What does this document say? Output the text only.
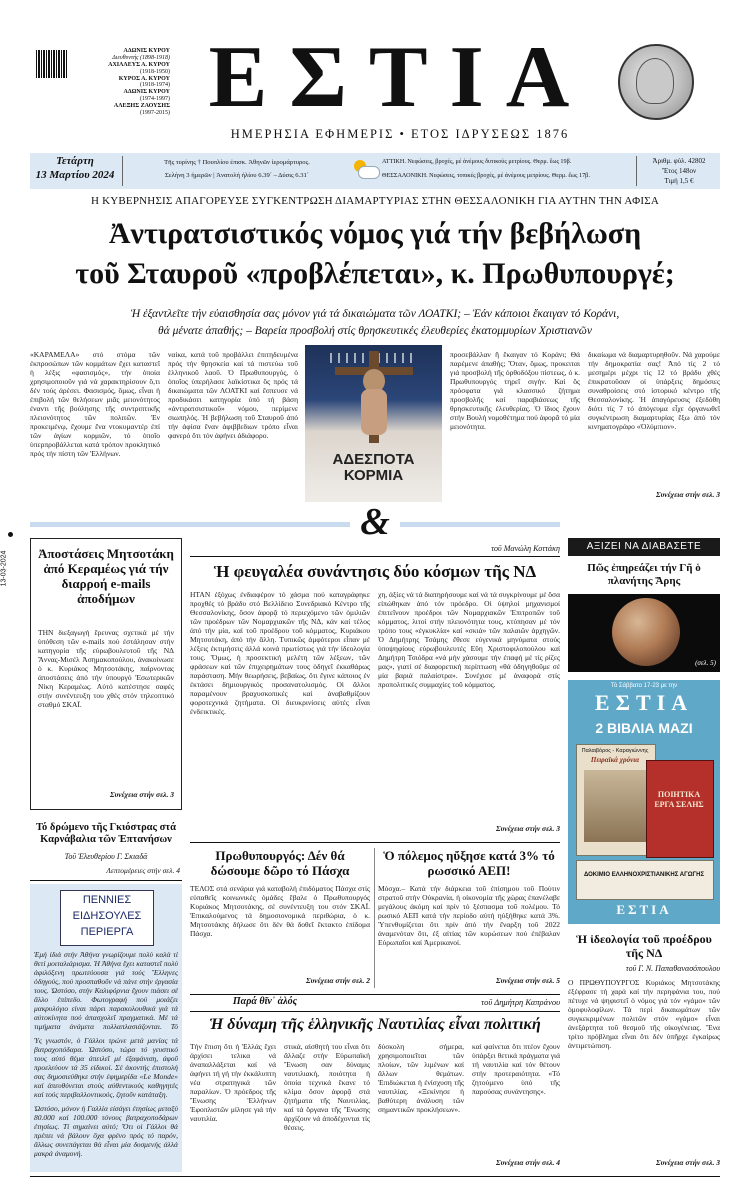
ΑΔΩΝΙΣ ΚΥΡΟΥ
Διευθυντής (1898-1918)
ΑΧΙΛΛΕΥΣ Α. ΚΥΡΟΥ
(1918-1950)
ΚΥΡΟΣ Α. ΚΥΡΟΥ
(1918-1974)
ΑΔΩΝΙΣ ΚΥΡΟΥ
(1974-1997)
ΑΛΕΞΗΣ ΖΑΟΥΣΗΣ
(1997-2015) ΕΣΤΙΑ
ΗΜΕΡΗΣΙΑ ΕΦΗΜΕΡΙΣ • ΕΤΟΣ ΙΔΡΥΣΕΩΣ 1876
Τετάρτη
13 Μαρτίου 2024
Τῆς τυρίνης † Πουπλίου ἐπισκ. Ἀθηνῶν ἱερομάρτυρος.
Σελήνη 3 ἡμερῶν | Ἀνατολή ἡλίου 6.39΄ – Δύσις 6.31΄
ΑΤΤΙΚΗ. Νεφώσεις, βροχές, μέ ἀνέμους δυτικούς μετρίους. Θερμ. ἕως 19β.
ΘΕΣΣΑΛΟΝΙΚΗ. Νεφώσεις, τοπικές βροχές, μέ ἀνέμους μετρίους. Θερμ. ἕως 17β.
Ἀριθμ. φύλ. 42802
Ἔτος 148ον
Τιμή 1,5 €
Η ΚΥΒΕΡΝΗΣΙΣ ΑΠΑΓΟΡΕΥΣΕ ΣΥΓΚΕΝΤΡΩΣΗ ΔΙΑΜΑΡΤΥΡΙΑΣ ΣΤΗΝ ΘΕΣΣΑΛΟΝΙΚΗ ΓΙΑ ΑΥΤΗΝ ΤΗΝ ΑΦΙΣΑ
Ἀντιρατσιστικός νόμος γιά τήν βεβήλωση
τοῦ Σταυροῦ «προβλέπεται», κ. Πρωθυπουργέ;
Ἡ ἐξαντλεῖτε τήν εὐαισθησία σας μόνον γιά τά δικαιώματα τῶν ΛΟΑΤΚΙ; – Ἐάν κάποιοι ἔκαιγαν τό Κοράνι,
θά μένατε ἀπαθής; – Βαρεία προσβολή στίς θρησκευτικές ἐλευθερίες ἑκατομμυρίων Χριστιανῶν

«ΚΑΡΑΜΕΛΑ» στό στόμα τῶν ἐκπροσώπων τῶν κομμάτων ἔχει καταστεῖ ἡ λέξις «φασισμός», τήν ὁποία χρησιμοποιοῦν γιά νά χαρακτηρίσουν ὅ,τι δέν τούς ἀρέσει. Φασισμός, ὅμως, εἶναι ἡ ἐπιβολή τῶν θελήσεων μιᾶς μειονότητος ἐναντι τῆς βούλησης τῆς συντριπτικῆς πλειονότητος τῶν πολιτῶν. Ἐν προκειμένῳ, ἔχουμε ἕνα ντοκυμαντέρ ἐπί τῶν ἁγίων κορμιῶν, τό ὁποῖο ὑπερπροβάλλεται κατά τρόπον προκλητικό πρός τήν πίστη τῶν Ἑλλήνων.

ναίκα, κατά τοῦ προβάλλει ἐπιτηδευμένα πρός τήν θρησκεία καί τά πιστεύω τοῦ ἑλληνικοῦ λαοῦ. Ὁ Πρωθυπουργός, ὁ ὁποῖος ὑπερήλασε λαϊκίστικα ὅς πρός τά δικαιώματα τῶν ΛΟΑΤΚΙ καί ἔσπευσε νά προδικάσει κατηγορία ὑπό τή βάση «ἀντιρατσιστικοῦ» νόμου, περίμενε σιωπηλός. Ἡ βεβήλωση τοῦ Σταυροῦ ἀπό τήν ἀφίσα ἔναν ἀφιββεδιων τρόπο εἶναι φανερό ὅτι τόν ἀφήνει ἀδιάφορο.

ΑΔΕΣΠΟΤΑ
ΚΟΡΜΙΑ

προσεβάλλαν ἤ ἔκαιγαν τό Κοράνι; Θά παρέμενε ἀπαθής; Ὅταν, ὅμως, προκειται γιά προσβολή τῆς ὀρθοδόξου πίστεως, ὁ κ. Πρωθυπουργός τηρεῖ σιγήν. Καί ὅς πρόσφατα γιά κλασσικό ζήτημα προσβολῆς καί παραβιάσεως τῆς θρησκευτικῆς ἐλευθερίας. Ὁ ἴδιος ἔχουν στήν Βουλή νομοθέτημα πού ἀφορᾶ τό μία μειονότητα.

δικαίωμα νά διαμαρτυρηθοῦν. Νά χαρούμε τήν δημοκρατία σας! Ἀπό τίς 2 τό μεσημέρι μέχρι τίς 12 τό βράδυ χθές ἐπικρατοῦσαν οἱ ὑπάρξεις δημόσιες συναθροίσεις στό ἱστορικό κέντρο τῆς Θεσσαλονίκης. Ἡ ἀπαγόρευσις ἐξεδόθη διότι τίς 7 τό ἀπόγευμα εἶχε ὀργανωθεῖ συγκέντρωση διαμαρτυρίας ἔξω ἀπό τόν κινηματογράφο «Ὀλύμπιον».

Συνέχεια στήν σελ. 3
&
13-03-2024 Ἀποστάσεις Μητσοτάκη ἀπό Κεραμέως γιά τήν διαρροή e-mails ἀποδήμων

ΤΗΝ διεξαγωγή ἔρευνας σχετικά μέ τήν ὑπόθεση τῶν e-mails πού ἐστάλησαν στήν κατηγορία τῆς εὐρωβουλευτοῦ τῆς ΝΔ Ἄννας-Μισέλ Ἀσημακοπούλου, ἀνακοίνωσε ὁ κ. Κυριάκος Μητσοτάκης, παίρνοντας ἀποστάσεις ἀπό τήν ὑπουργό Ἐσωτερικῶν Νίκη Κεραμέως. Αὐτό κατέστησε σαφές στήν συνέντευξη του χθές στόν τηλεοπτικό σταθμό ΣΚΑΪ.

Συνέχεια στήν σελ. 3
Τό δρώμενο τῆς Γκιόστρας στά Καρνάβαλια τῶν Ἐπτανήσων
Τοῦ Ἐλευθερίου Γ. Σκιαδᾶ
Λεπτομέρειες στήν σελ. 4
ΠΕΝΝΙΕΣ
ΕΙΔΗΣΟΥΛΕΣ
ΠΕΡΙΕΡΓΑ

Ἐμή ἰδιά στήν Ἀθήνα γνωρίζουμε πολύ καλά τί θετί μοιταλιάρισμα. Ἡ Ἀθήνα ἔχει καταστεῖ πολύ ἀφιλόξενη πρωτεύουσα γιά τούς Ἕλληνες ὁδηγούς, πού προσπαθοῦν νά πάνε στήν ἐργασία τους. Ὡστόσο, στήν Καλιφόρνια ἔχουν πιάσει σέ ἄλλο ἐπίπεδο. Φωτογραφή πού μοιάζει μακρυλόγιο είναι πάρει παρακολουθικά γιά τά αὐτοκίνητα πού ἀπασχολεῖ πραγματικά. Μέ τά τιμήματα ἀνάμετα πολλαπλασιάζονται. Τό

Ὑς γνωστόν, ὁ Γάλλοι τρώνε μετά μανίας τά βατραχοπόδαρα. Ὡστόσο, τώρα τό γευστικό τους αὐτό θέμα ἀπειλεῖ μέ ἐξαφάνιση, ἀφοῦ προελεύουν τά 35 εἰδικοί. Σέ ἀκοντής ἐπιστολή σας δημοσιεύθηκε στήν ἐφημερίδα «Le Monde» καί ἀπευθύνεται στούς αὐθεντικούς καθηγητές καί τούς περιβαλλοντικούς, ζητοῦν κατάταξη.

Ὡστόσο, μόνον ἡ Γαλλία εἰσάγει ἐτησίως μεταξύ 80.000 καί 100.000 τόνους βατραχοποδάρων ἐτησίως. Τί σημαίνει αὐτό; Ὅτι οἱ Γάλλοι θά πρέπει νά βάλουν ὅχα φρένο πρός τό παρόν, ἄλλως συνεπάγεται θά εἶναι μία δυσμενής ἀλλά μακρά ἀναμονή.

τοῦ Μανώλη Κοττάκη
Ἡ φευγαλέα συνάντησις δύο κόσμων τῆς ΝΔ

ΗΤΑΝ ἐξόχως ἐνδιαφέρον τό χάσμα πού καταγράφηκε προχθές τό βράδυ στό Βελλίδειο Συνεδριακό Κέντρο τῆς Θεσσαλονίκης, ὅσον ἀφορᾷ τό περιεχόμενο τῶν ὁμιλιῶν τῶν προέδρων τῶν Νομαρχιακῶν τῆς ΝΔ, κάν καί τέλος ἀπό τήν μία, καί τοῦ προέδρου τοῦ κόμματος, Κυριάκου Μητσοτάκη, ἀπό τήν ἄλλη. Τυπικῶς ἀμφότεροι εἶπαν μέ λέξεις ἐκτιμήσεις ἀλλά κοινά πρωτίστως γιά τήν ἰδεολογία τους. Ὅμως, ἡ προσεκτική μελέτη τῶν λέξεων, τῶν φράσεων καί τῶν ἐπιχειρημάτων τους ὁδηγεῖ ἐκκαθάρως παράσταση. Μήν θεωρήσεις, βεβαίως, ὅτι ἔγινε κάποιος ἐν ἐκτάσει δημιουργικός προσανατολισμός. Οἱ ἄλλοι παραμένουν βραχυσκοπικές καί ἀναβαθμίζουν φοροτεχνικά ζητήματα. Οἱ διευκρινίσεις αὐτές εἶναι ἐνδεικτικές.

χη, ἀξίες νά τά διατηρήσουμε καί νά τά συγκρίνουμε μέ ὅσα εἰπώθηκαν ἀπό τόν πρόεδρο. Οἱ ὑψηλοί μηχανισμοί ἐπιτεῖνουν προέδροι τῶν Νομαρχιακῶν Ἐπιτροπῶν τοῦ κόμματος, λιτοί στήν πλειονότητα τους, κτύπησαν μέ τόν τρόπο τους «ἐγκυκλία» καί «σκιά» τῶν παλαιῶν ἀρχηγῶν. Ὁ Δημήτρης Τσάμης ἔθεσε εὐγενικά μηνύματα στούς ὑποψηφίους εὐρωβουλευτές Εὔη Χριστοφιλοπούλου καί Δημήτρη Τσιόδρα «νά μήν χάσουμε τήν ἐπαφή μέ τίς ρίζες μας», γιατί σέ διαφορετική περίπτωση «θά ὁδηγηθοῦμε σέ μία βαριά παλαίστρα». Συνέχισε μέ ἀναφορά στίς προπολιτικές συμμαχίες τοῦ κόμματος.

Συνέχεια στήν σελ. 3
Πρωθυπουργός: Δέν θά δώσουμε δῶρο τό Πάσχα

ΤΕΛΟΣ στά σενάρια γιά καταβολή ἐπιδόματος Πάσχα στίς εὐπαθεῖς κοινωνικές ὁμάδες ἔβαλε ὁ Πρωθυπουργός Κυριάκος Μητσοτάκης, σέ συνέντευξη του στόν ΣΚΑΪ. Ἐπικαλούμενος τά δημοσιονομικά περιθώρια, ὁ κ. Μητσοτάκης δήλωσε ὅτι δέν θά δοθεῖ ἔκτακτο ἐπίδομα Πάσχα.

Συνέχεια στήν σελ. 2
Ὁ πόλεμος ηὔξησε κατά 3% τό ρωσσικό ΑΕΠ!

Μόσχα.– Κατά τήν διάρκεια τοῦ ἐπίσημου τοῦ Πούτιν στρατοῦ στήν Οὐκρανία, ἡ οἰκονομία τῆς χώρας ἐπανέλαβε μεγάλους ἀκόμη καί πρίν τό ξέσπασμα τοῦ πολέμου. Τό ρωσικό ΑΕΠ κατά τήν περίοδο αὐτή ηὐξήθηκε κατά 3%. Ὑπενθυμίζεται ὅτι πρίν ἀπό τήν ἔναρξη τοῦ 2022 ἀναμενόταν ὅτι, ἐξ αἰτίας τῶν κυρώσεων πού ἐπέβαλαν Εὐρωπαῖοι καί Ἀμερικανοί.

Συνέχεια στήν σελ. 5
Παρά θῖν᾿ ἁλός	τοῦ Δημήτρη Καπράνου
Ἡ δύναμη τῆς ἑλληνικῆς Ναυτιλίας εἶναι πολιτική

Τήν ἔπιση ὅτι ἡ Ἑλλάς ἔχει ἀρχίσει τελικα νά ἀναπαλλάξεται καί νά ἀφήνει τή γή τήν ἐκκάλυπτη νέα στρατηγικά τῶν παραλίων. Ὁ πρόεδρος τῆς Ἕνωσης Ἑλλήνων Ἐφοπλιστῶν μίλησε γιά τήν ναυτιλία.

στικά, αἰσθητή του εἶναι ὅτι ἄλλαζε στήν Εὐρωπαϊκή Ἕνωση σαν δύναμις ναυτιλιακή, ποιότητα ἡ ὁποία τεχνικά ἔκανε τό κλίμα ὅσον ἀφορᾷ στά ζητήματα τῆς Ναυτιλίας, καί τά ὄργανα τῆς Ἕνωσης ἀρχίζουν νά ἀποδέχονται τίς θέσεις.

δύσκολη σήμερα, χρησιμοποιεῖται τῶν πλοίων, τῶν λιμένων καί ἄλλων θεμάτων. Ἐπιδιώκεται ἡ ἐνίσχυση τῆς ναυτιλίας. «Ξεκίνησε ἡ βαθύτερη ἀνάλυση τῶν σημαντικῶν προκλήσεων».

καί φαίνεται ὅτι πτέον ἔχουν ὑπάρξει θετικά πράγματα γιά τή ναυτιλία καί τόν θέτουν στήν προτεραιότητα. «Τό ζητούμενο ὑπό τῆς παρούσας συνάντησης».

Συνέχεια στήν σελ. 4
ΑΞΙΖΕΙ ΝΑ ΔΙΑΒΑΣΕΤΕ
Πῶς ἐπηρεάζει τήν Γῆ ὁ πλανήτης Ἄρης
(σελ. 5)
Τό Σάββατο 17-23 με την
ΕΣΤΙΑ
2 ΒΙΒΛΙΑ ΜΑΖΙ
Παλαιβόρος - Καραγιώννης
Πειραϊκά χρόνια
ΠΟΙΗΤΙΚΑ ΕΡΓΑ ΣΕΛΗΣ
ΔΟΚΙΜΙΟ ΕΛΛΗΝΟΧΡΙΣΤΙΑΝΙΚΗΣ ΑΓΩΓΗΣ
ΕΣΤΙΑ
Ἡ ἰδεολογία τοῦ προέδρου τῆς ΝΔ
τοῦ Γ. Ν. Παπαθανασόπουλου

Ο ΠΡΩΘΥΠΟΥΡΓΟΣ Κυριάκος Μητσοτάκης ἐξέφρασε τή χαρά καί τήν περηφάνια του, πού πέτυχε νά ψηφιστεῖ ὁ νόμος γιά τόν «γάμο» τῶν ὁμοφυλοφίλων. Τά περί δικαιωμάτων τῶν συγκεκριμένων πολιτῶν στόν «γάμο» εἶναι ἀνεξάρτητα τοῦ θεσμοῦ τῆς οἰκογένειας. Ἕνα τρίτο πρόβλημα εἶναι ὅτι δέν ὑπῆρχε ἐγκαίρως ἀντιμετώπιση.

Συνέχεια στήν σελ. 3
